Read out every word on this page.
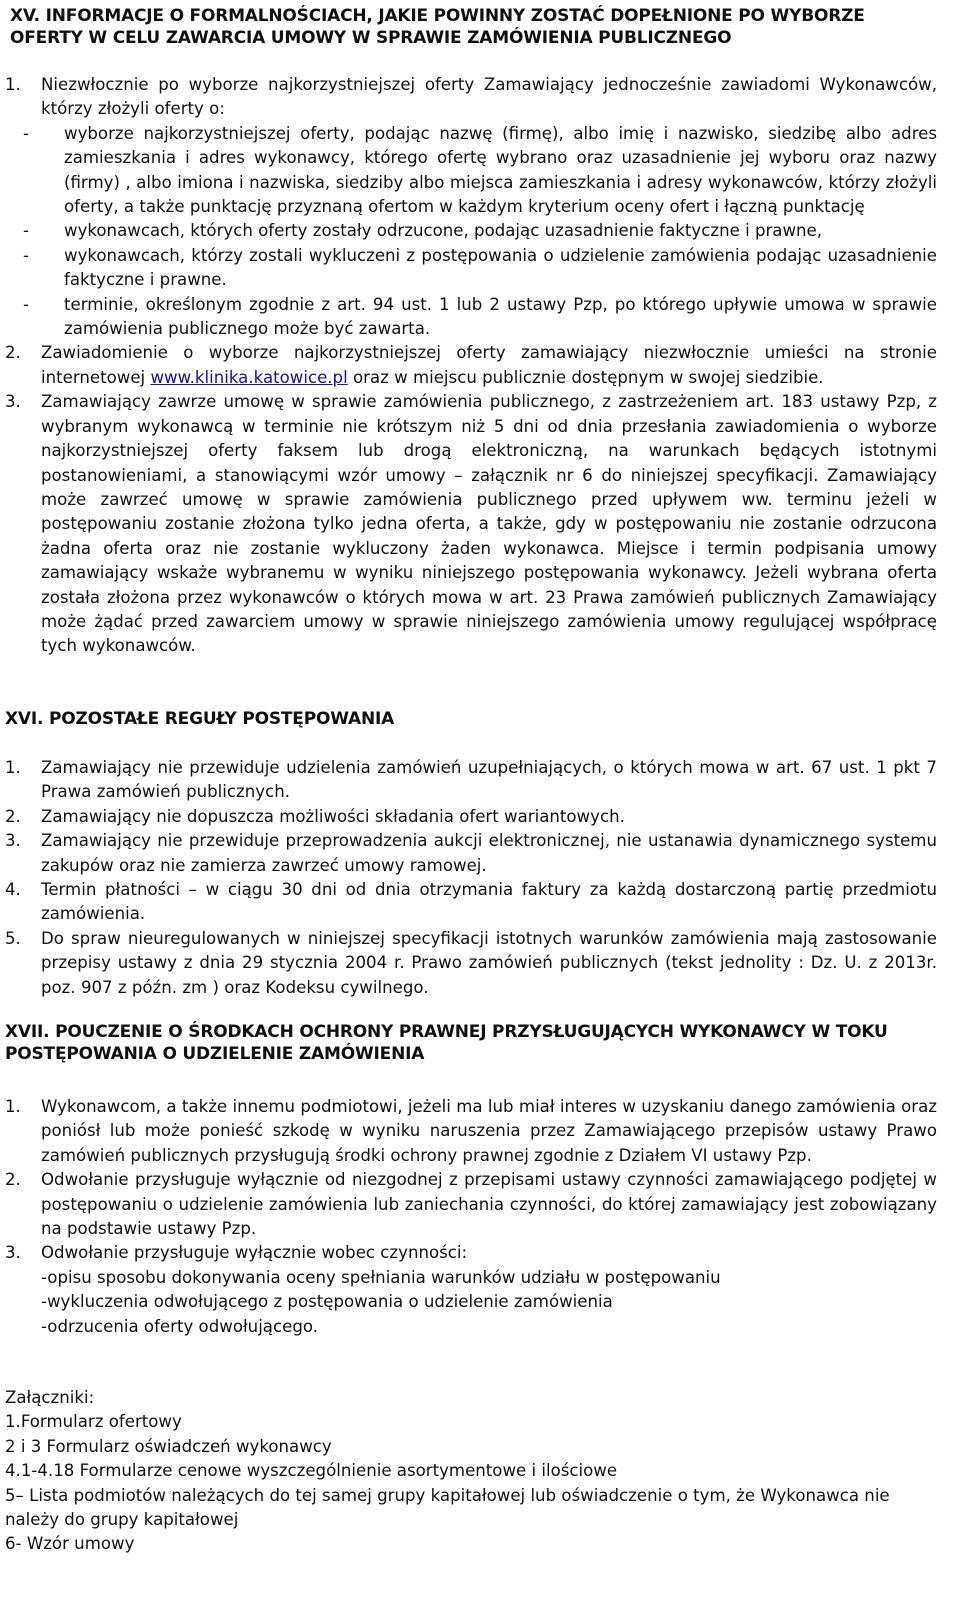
XV. INFORMACJE O FORMALNOŚCIACH, JAKIE POWINNY ZOSTAĆ DOPEŁNIONE PO WYBORZE OFERTY W CELU ZAWARCIA UMOWY W SPRAWIE ZAMÓWIENIA PUBLICZNEGO
1. Niezwłocznie po wyborze najkorzystniejszej oferty Zamawiający jednocześnie zawiadomi Wykonawców, którzy złożyli oferty o:
- wyborze najkorzystniejszej oferty, podając nazwę (firmę), albo imię i nazwisko, siedzibę albo adres zamieszkania i adres wykonawcy, którego ofertę wybrano oraz uzasadnienie jej wyboru oraz nazwy (firmy) , albo imiona i nazwiska, siedziby albo miejsca zamieszkania i adresy wykonawców, którzy złożyli oferty, a także punktację przyznaną ofertom w każdym kryterium oceny ofert i łączną punktację
- wykonawcach, których oferty zostały odrzucone, podając uzasadnienie faktyczne i prawne,
- wykonawcach, którzy zostali wykluczeni z postępowania o udzielenie zamówienia podając uzasadnienie faktyczne i prawne.
- terminie, określonym zgodnie z art. 94 ust. 1 lub 2 ustawy Pzp, po którego upływie umowa w sprawie zamówienia publicznego może być zawarta.
2. Zawiadomienie o wyborze najkorzystniejszej oferty zamawiający niezwłocznie umieści na stronie internetowej www.klinika.katowice.pl oraz w miejscu publicznie dostępnym w swojej siedzibie.
3. Zamawiający zawrze umowę w sprawie zamówienia publicznego, z zastrzeżeniem art. 183 ustawy Pzp, z wybranym wykonawcą w terminie nie krótszym niż 5 dni od dnia przesłania zawiadomienia o wyborze najkorzystniejszej oferty faksem lub drogą elektroniczną, na warunkach będących istotnymi postanowieniami, a stanowiącymi wzór umowy – załącznik nr 6 do niniejszej specyfikacji. Zamawiający może zawrzeć umowę w sprawie zamówienia publicznego przed upływem ww. terminu jeżeli w postępowaniu zostanie złożona tylko jedna oferta, a także, gdy w postępowaniu nie zostanie odrzucona żadna oferta oraz nie zostanie wykluczony żaden wykonawca. Miejsce i termin podpisania umowy zamawiający wskaże wybranemu w wyniku niniejszego postępowania wykonawcy. Jeżeli wybrana oferta została złożona przez wykonawców o których mowa w art. 23 Prawa zamówień publicznych Zamawiający może żądać przed zawarciem umowy w sprawie niniejszego zamówienia umowy regulującej współpracę tych wykonawców.
XVI. POZOSTAŁE REGUŁY POSTĘPOWANIA
1. Zamawiający nie przewiduje udzielenia zamówień uzupełniających, o których mowa w art. 67 ust. 1 pkt 7 Prawa zamówień publicznych.
2. Zamawiający nie dopuszcza możliwości składania ofert wariantowych.
3. Zamawiający nie przewiduje przeprowadzenia aukcji elektronicznej, nie ustanawia dynamicznego systemu zakupów oraz nie zamierza zawrzeć umowy ramowej.
4. Termin płatności – w ciągu 30 dni od dnia otrzymania faktury za każdą dostarczoną partię przedmiotu zamówienia.
5. Do spraw nieuregulowanych w niniejszej specyfikacji istotnych warunków zamówienia mają zastosowanie przepisy ustawy z dnia 29 stycznia 2004 r. Prawo zamówień publicznych (tekst jednolity : Dz. U. z 2013r. poz. 907 z późn. zm ) oraz Kodeksu cywilnego.
XVII. POUCZENIE O ŚRODKACH OCHRONY PRAWNEJ PRZYSŁUGUJĄCYCH WYKONAWCY W TOKU POSTĘPOWANIA O UDZIELENIE ZAMÓWIENIA
1. Wykonawcom, a także innemu podmiotowi, jeżeli ma lub miał interes w uzyskaniu danego zamówienia oraz poniósł lub może ponieść szkodę w wyniku naruszenia przez Zamawiającego przepisów ustawy Prawo zamówień publicznych przysługują środki ochrony prawnej zgodnie z Działem VI ustawy Pzp.
2. Odwołanie przysługuje wyłącznie od niezgodnej z przepisami ustawy czynności zamawiającego podjętej w postępowaniu o udzielenie zamówienia lub zaniechania czynności, do której zamawiający jest zobowiązany na podstawie ustawy Pzp.
3. Odwołanie przysługuje wyłącznie wobec czynności:
-opisu sposobu dokonywania oceny spełniania warunków udziału w postępowaniu
-wykluczenia odwołującego z postępowania o udzielenie zamówienia
-odrzucenia oferty odwołującego.
Załączniki:
1.Formularz ofertowy
2 i 3 Formularz oświadczeń wykonawcy
4.1-4.18 Formularze cenowe wyszczególnienie asortymentowe i ilościowe
5– Lista podmiotów należących do tej samej grupy kapitałowej lub oświadczenie o tym, że Wykonawca nie należy do grupy kapitałowej
6- Wzór umowy
